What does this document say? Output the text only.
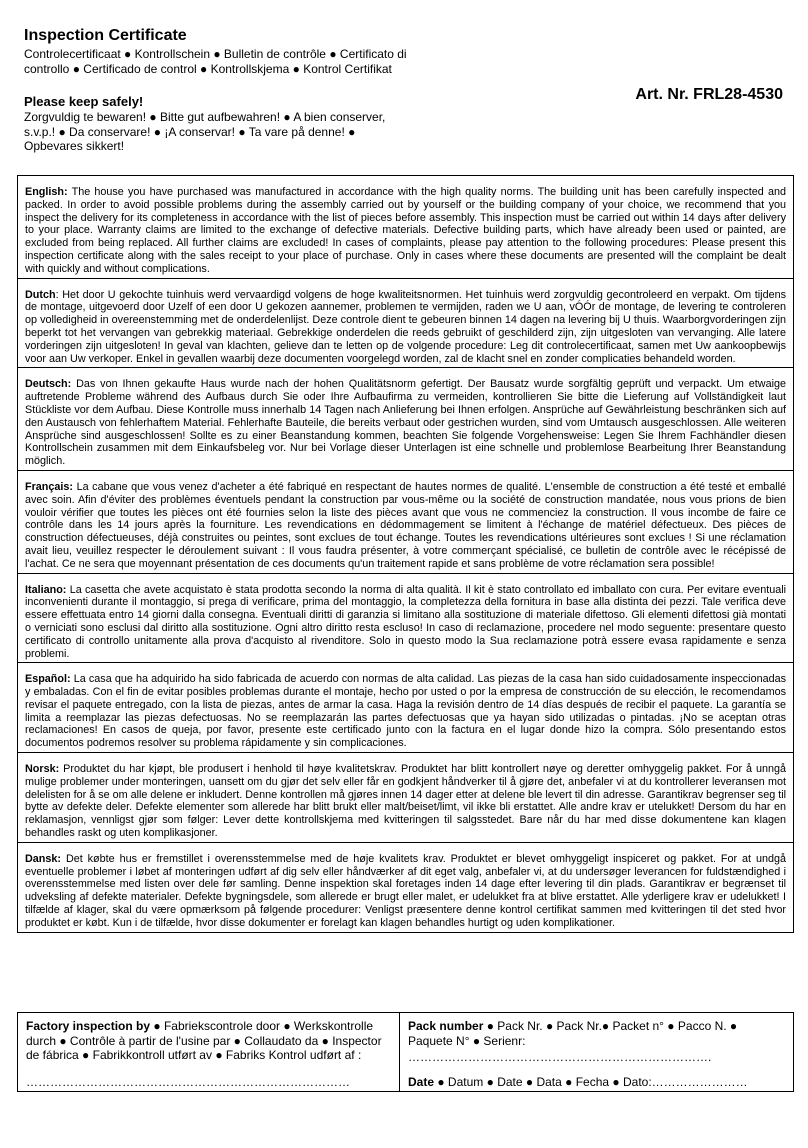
Inspection Certificate
Controlecertificaat ● Kontrollschein ● Bulletin de contrôle ● Certificato di controllo ● Certificado de control ● Kontrollskjema ● Kontrol Certifikat
Please keep safely!
Zorgvuldig te bewaren! ● Bitte gut aufbewahren! ● A bien conserver, s.v.p.! ● Da conservare! ● ¡A conservar! ● Ta vare på denne! ● Opbevares sikkert!
Art. Nr. FRL28-4530
English: The house you have purchased was manufactured in accordance with the high quality norms. The building unit has been carefully inspected and packed. In order to avoid possible problems during the assembly carried out by yourself or the building company of your choice, we recommend that you inspect the delivery for its completeness in accordance with the list of pieces before assembly. This inspection must be carried out within 14 days after delivery to your place. Warranty claims are limited to the exchange of defective materials. Defective building parts, which have already been used or painted, are excluded from being replaced. All further claims are excluded! In cases of complaints, please pay attention to the following procedures: Please present this inspection certificate along with the sales receipt to your place of purchase. Only in cases where these documents are presented will the complaint be dealt with quickly and without complications.
Dutch: Het door U gekochte tuinhuis werd vervaardigd volgens de hoge kwaliteitsnormen. Het tuinhuis werd zorgvuldig gecontroleerd en verpakt. Om tijdens de montage, uitgevoerd door Uzelf of een door U gekozen aannemer, problemen te vermijden, raden we U aan, vÓÓr de montage, de levering te controleren op volledigheid in overeenstemming met de onderdelenlijst. Deze controle dient te gebeuren binnen 14 dagen na levering bij U thuis. Waarborgvorderingen zijn beperkt tot het vervangen van gebrekkig materiaal. Gebrekkige onderdelen die reeds gebruikt of geschilderd zijn, zijn uitgesloten van vervanging. Alle latere vorderingen zijn uitgesloten! In geval van klachten, gelieve dan te letten op de volgende procedure: Leg dit controlecertificaat, samen met Uw aankoopbewijs voor aan Uw verkoper. Enkel in gevallen waarbij deze documenten voorgelegd worden, zal de klacht snel en zonder complicaties behandeld worden.
Deutsch: Das von Ihnen gekaufte Haus wurde nach der hohen Qualitätsnorm gefertigt. Der Bausatz wurde sorgfältig geprüft und verpackt. Um etwaige auftretende Probleme während des Aufbaus durch Sie oder Ihre Aufbaufirma zu vermeiden, kontrollieren Sie bitte die Lieferung auf Vollständigkeit laut Stückliste vor dem Aufbau. Diese Kontrolle muss innerhalb 14 Tagen nach Anlieferung bei Ihnen erfolgen. Ansprüche auf Gewährleistung beschränken sich auf den Austausch von fehlerhaftem Material. Fehlerhafte Bauteile, die bereits verbaut oder gestrichen wurden, sind vom Umtausch ausgeschlossen. Alle weiteren Ansprüche sind ausgeschlossen! Sollte es zu einer Beanstandung kommen, beachten Sie folgende Vorgehensweise: Legen Sie Ihrem Fachhändler diesen Kontrollschein zusammen mit dem Einkaufsbeleg vor. Nur bei Vorlage dieser Unterlagen ist eine schnelle und problemlose Bearbeitung Ihrer Beanstandung möglich.
Français: La cabane que vous venez d'acheter a été fabriqué en respectant de hautes normes de qualité. L'ensemble de construction a été testé et emballé avec soin. Afin d'éviter des problèmes éventuels pendant la construction par vous-même ou la société de construction mandatée, nous vous prions de bien vouloir vérifier que toutes les pièces ont été fournies selon la liste des pièces avant que vous ne commenciez la construction. Il vous incombe de faire ce contrôle dans les 14 jours après la fourniture. Les revendications en dédommagement se limitent à l'échange de matériel défectueux. Des pièces de construction défectueuses, déjà construites ou peintes, sont exclues de tout échange. Toutes les revendications ultérieures sont exclues ! Si une réclamation avait lieu, veuillez respecter le déroulement suivant : Il vous faudra présenter, à votre commerçant spécialisé, ce bulletin de contrôle avec le récépissé de l'achat. Ce ne sera que moyennant présentation de ces documents qu'un traitement rapide et sans problème de votre réclamation sera possible!
Italiano: La casetta che avete acquistato è stata prodotta secondo la norma di alta qualità. Il kit è stato controllato ed imballato con cura. Per evitare eventuali inconvenienti durante il montaggio, si prega di verificare, prima del montaggio, la completezza della fornitura in base alla distinta dei pezzi. Tale verifica deve essere effettuata entro 14 giorni dalla consegna. Eventuali diritti di garanzia si limitano alla sostituzione di materiale difettoso. Gli elementi difettosi già montati o verniciati sono esclusi dal diritto alla sostituzione. Ogni altro diritto resta escluso! In caso di reclamazione, procedere nel modo seguente: presentare questo certificato di controllo unitamente alla prova d'acquisto al rivenditore. Solo in questo modo la Sua reclamazione potrà essere evasa rapidamente e senza problemi.
Español: La casa que ha adquirido ha sido fabricada de acuerdo con normas de alta calidad. Las piezas de la casa han sido cuidadosamente inspeccionadas y embaladas. Con el fin de evitar posibles problemas durante el montaje, hecho por usted o por la empresa de construcción de su elección, le recomendamos revisar el paquete entregado, con la lista de piezas, antes de armar la casa. Haga la revisión dentro de 14 días después de recibir el paquete. La garantía se limita a reemplazar las piezas defectuosas. No se reemplazarán las partes defectuosas que ya hayan sido utilizadas o pintadas. ¡No se aceptan otras reclamaciones! En casos de queja, por favor, presente este certificado junto con la factura en el lugar donde hizo la compra. Sólo presentando estos documentos podremos resolver su problema rápidamente y sin complicaciones.
Norsk: Produktet du har kjøpt, ble produsert i henhold til høye kvalitetskrav. Produktet har blitt kontrollert nøye og deretter omhyggelig pakket. For å unngå mulige problemer under monteringen, uansett om du gjør det selv eller får en godkjent håndverker til å gjøre det, anbefaler vi at du kontrollerer leveransen mot delelisten for å se om alle delene er inkludert. Denne kontrollen må gjøres innen 14 dager etter at delene ble levert til din adresse. Garantikrav begrenser seg til bytte av defekte deler. Defekte elementer som allerede har blitt brukt eller malt/beiset/limt, vil ikke bli erstattet. Alle andre krav er utelukket! Dersom du har en reklamasjon, vennligst gjør som følger: Lever dette kontrollskjema med kvitteringen til salgsstedet. Bare når du har med disse dokumentene kan klagen behandles raskt og uten komplikasjoner.
Dansk: Det købte hus er fremstillet i overensstemmelse med de høje kvalitets krav. Produktet er blevet omhyggeligt inspiceret og pakket. For at undgå eventuelle problemer i løbet af monteringen udført af dig selv eller håndværker af dit eget valg, anbefaler vi, at du undersøger leverancen for fuldstændighed i overensstemmelse med listen over dele før samling. Denne inspektion skal foretages inden 14 dage efter levering til din plads. Garantikrav er begrænset til udveksling af defekte materialer. Defekte bygningsdele, som allerede er brugt eller malet, er udelukket fra at blive erstattet. Alle yderligere krav er udelukket! I tilfælde af klager, skal du være opmærksom på følgende procedurer: Venligst præsentere denne kontrol certifikat sammen med kvitteringen til det sted hvor produktet er købt. Kun i de tilfælde, hvor disse dokumenter er forelagt kan klagen behandles hurtigt og uden komplikationer.
Factory inspection by ● Fabriekscontrole door ● Werkskontrolle durch ● Contrôle à partir de l'usine par ● Collaudato da ● Inspector de fábrica ● Fabrikkontroll utført av ● Fabriks Kontrol udført af :
………………………………………………………………………
Pack number ● Pack Nr. ● Pack Nr.● Packet n° ● Pacco N. ● Paquete N° ● Serienr:
………………………………………………………………….
Date ● Datum ● Date ● Data ● Fecha ● Dato:……………………
